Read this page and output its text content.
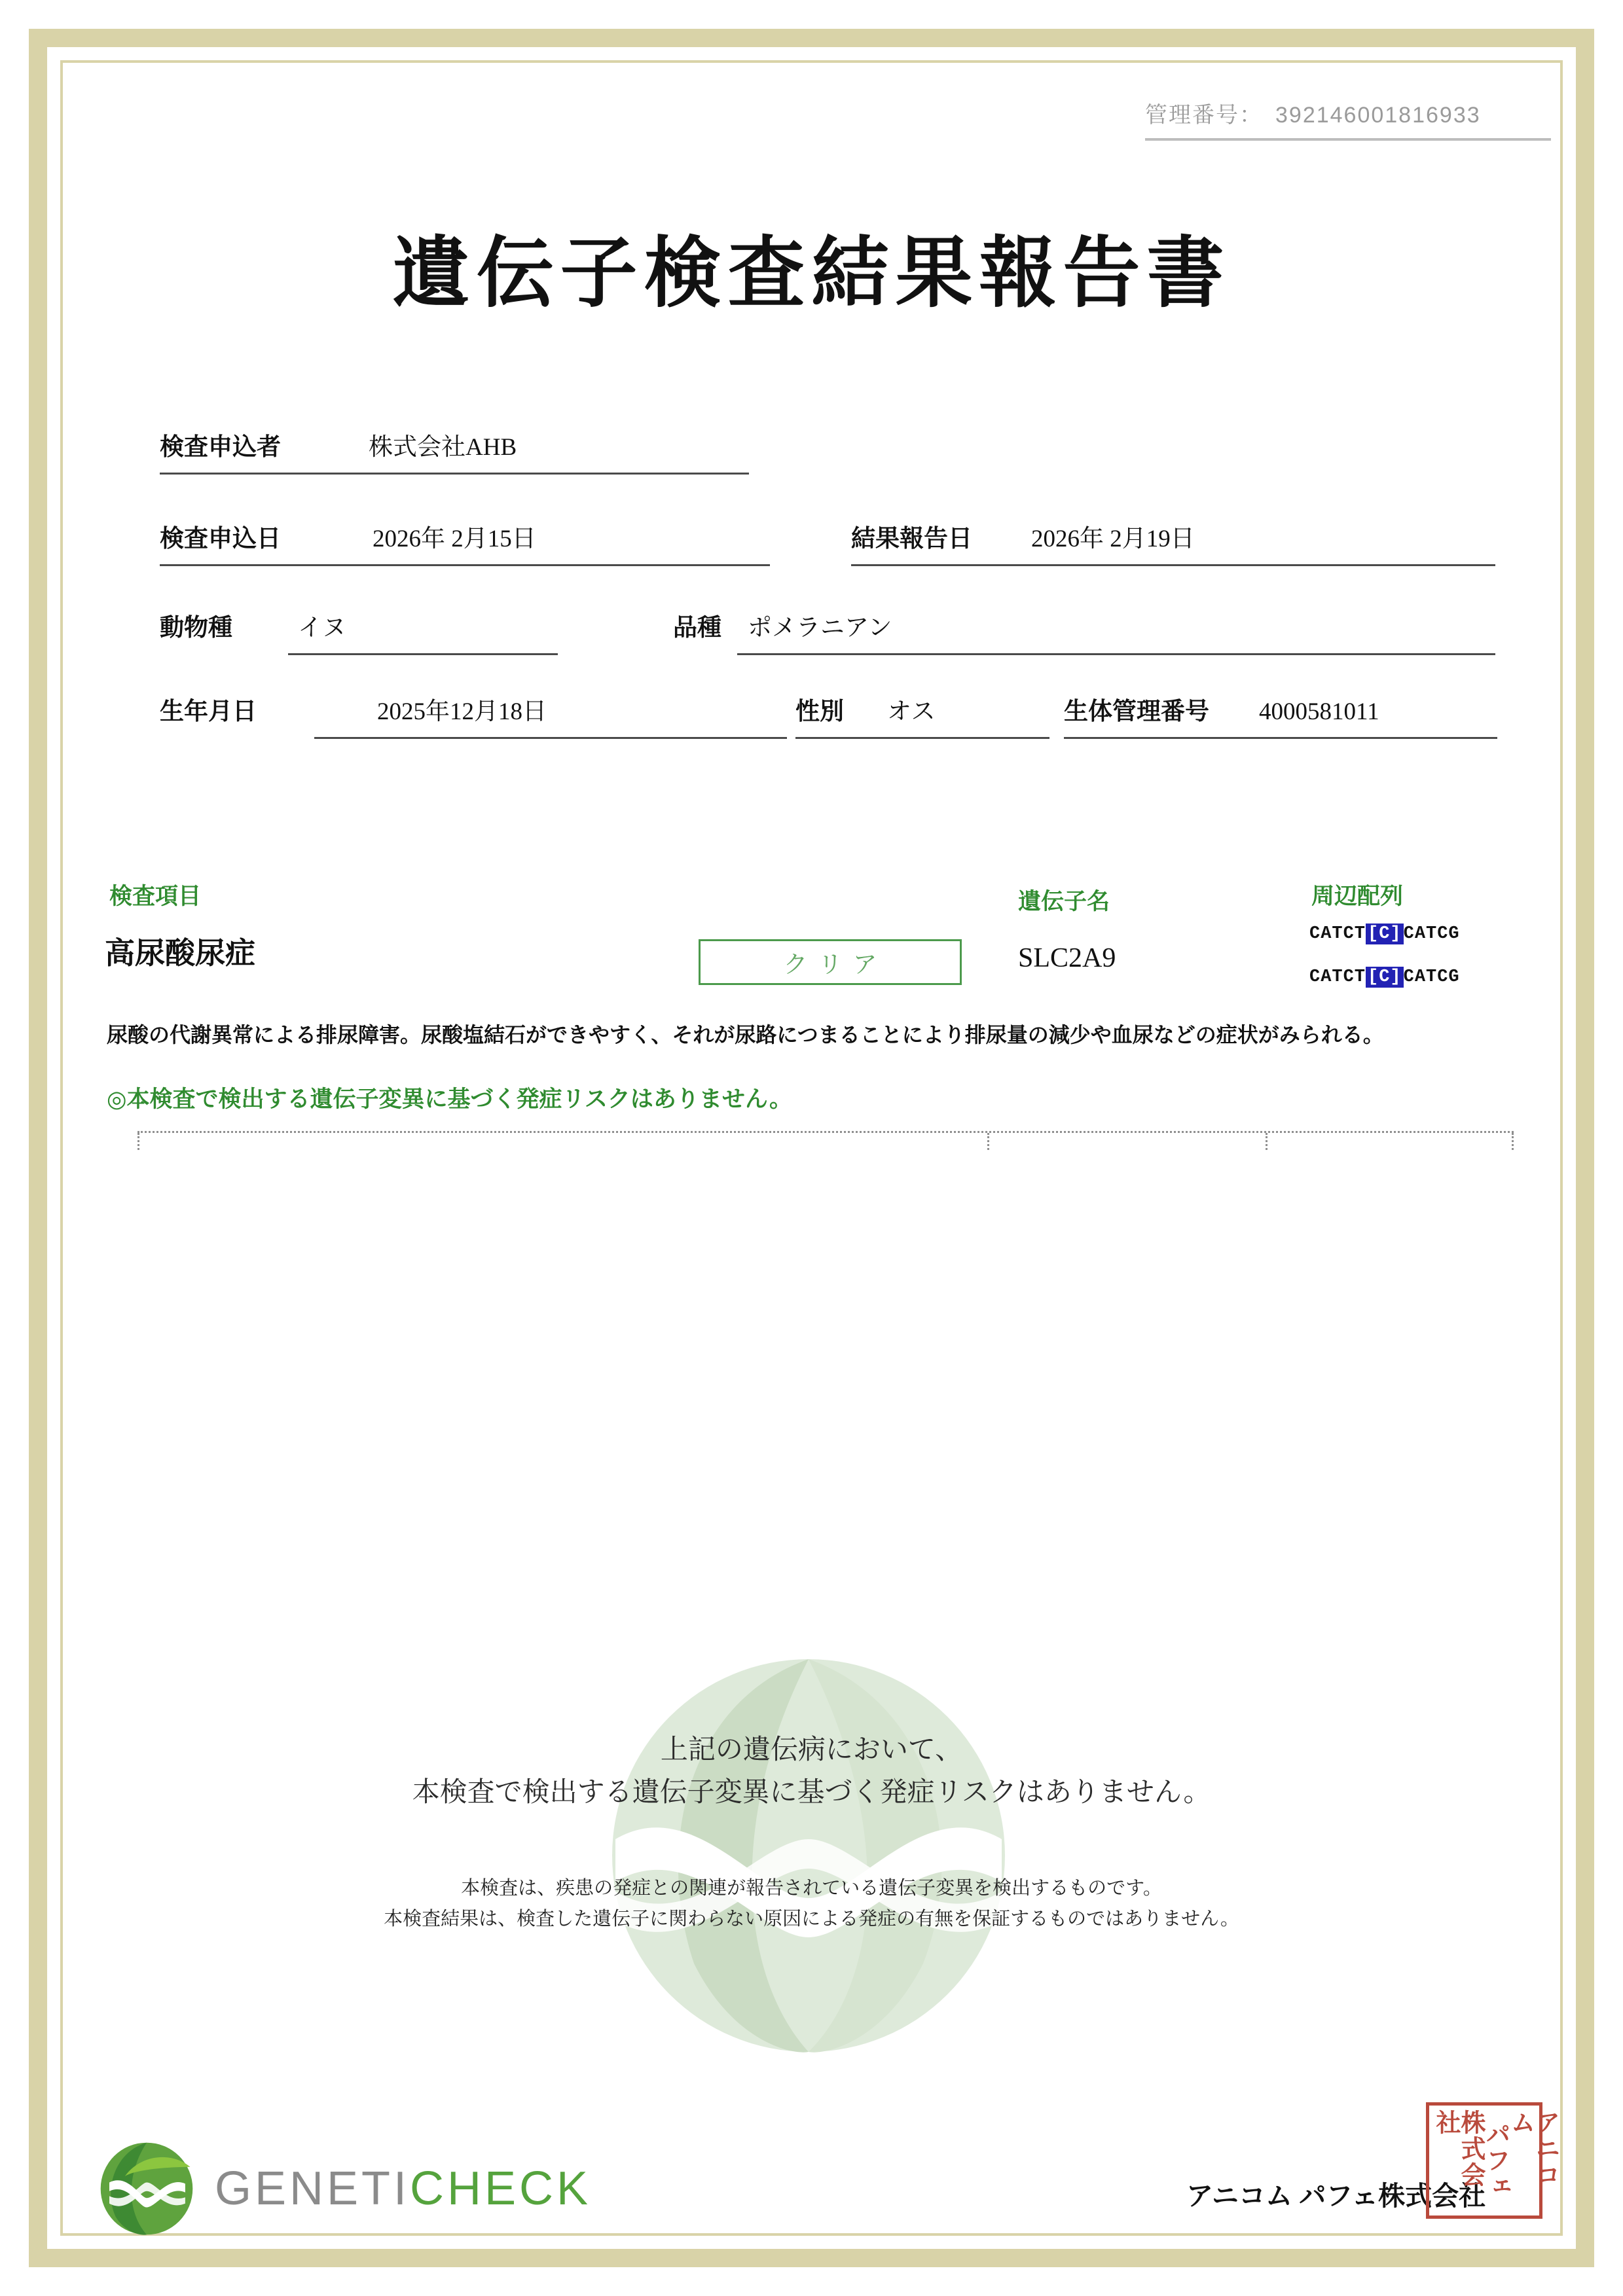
管理番号：　 392146001816933
遺伝子検査結果報告書
検査申込者	株式会社AHB
検査申込日	2026年 2月15日	結果報告日 2026年 2月19日
動物種	イヌ	品種	ポメラニアン
生年月日	2025年12月18日	性別 オス	生体管理番号 4000581011
検査項目	遺伝子名	周辺配列
高尿酸尿症	クリア	SLC2A9
CATCT [C] CATCG
CATCT [C] CATCG
尿酸の代謝異常による排尿障害。尿酸塩結石ができやすく、それが尿路につまることにより排尿量の減少や血尿などの症状がみられる。
◎本検査で検出する遺伝子変異に基づく発症リスクはありません。
上記の遺伝病において、
本検査で検出する遺伝子変異に基づく発症リスクはありません。
本検査は、疾患の発症との関連が報告されている遺伝子変異を検出するものです。
本検査結果は、検査した遺伝子に関わらない原因による発症の有無を保証するものではありません。
GENETICHECK	アニコム パフェ株式会社
アニコム
パフェ
株式会社
